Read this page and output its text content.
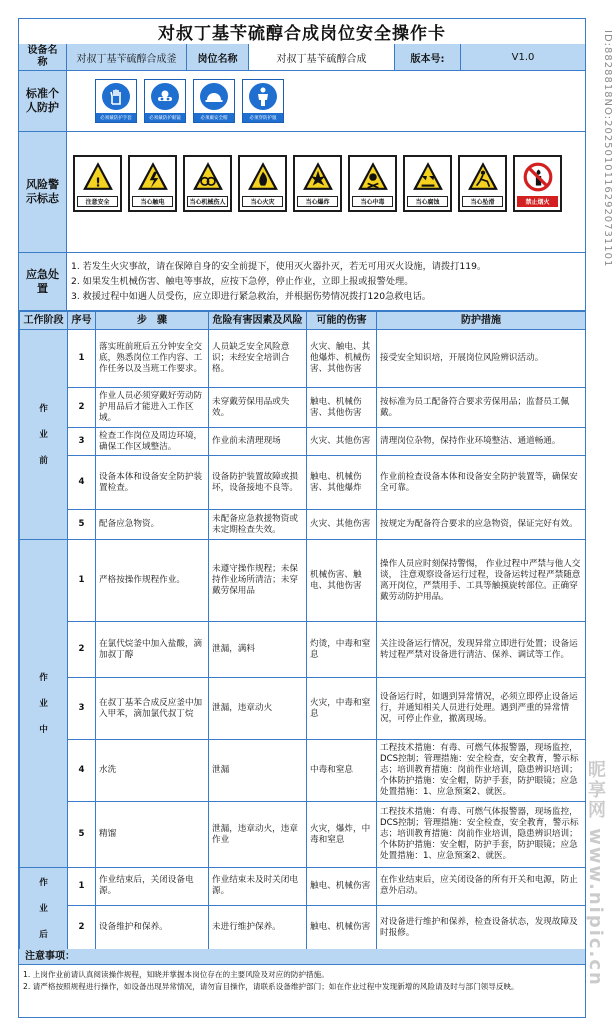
对叔丁基苄硫醇合成岗位安全操作卡
设备名称	对叔丁基苄硫醇合成釜	岗位名称	对叔丁基苄硫醇合成	版本号:	V1.0
标准个人防护
必须戴防护手套	必须戴防护眼镜	必须戴安全帽	必须穿防护服
风险警示标志
!
注意安全	当心触电	当心机械伤人	当心火灾	当心爆炸	当心中毒	当心腐蚀	当心坠滑	禁止烟火
应急处置
1. 若发生火灾事故，请在保障自身的安全前提下，使用灭火器扑灭，若无可用灭火设施，请拨打119。
2. 如果发生机械伤害、触电等事故，应按下急停，停止作业，立即上报或报警处理。
3. 救援过程中如遇人员受伤，应立即进行紧急救治，并根据伤势情况拨打120急救电话。
工作阶段	序号	步　骤	危险有害因素及风险	可能的伤害	防护措施

作
业
前	1	落实班前班后五分钟安全交底，熟悉岗位工作内容、工作任务以及当班工作要求。	人员缺乏安全风险意识；未经安全培训合格。	火灾、触电、其他爆炸、机械伤害、其他伤害	接受安全知识培，开展岗位风险辨识活动。
	2	作业人员必须穿戴好劳动防护用品后才能进入工作区域。	未穿戴劳保用品或失效。	触电、机械伤害、其他伤害	按标准为员工配备符合要求劳保用品；监督员工佩戴。
	3	检查工作岗位及周边环境，确保工作区域整洁。	作业前未清理现场	火灾、其他伤害	清理岗位杂物，保持作业环境整洁、通道畅通。
	4	设备本体和设备安全防护装置检查。	设备防护装置故障或损坏，设备接地不良等。	触电、机械伤害、其他爆炸	作业前检查设备本体和设备安全防护装置等，确保安全可靠。
	5	配备应急物资。	未配备应急救援物资或未定期检查失效。	火灾、其他伤害	按规定为配备符合要求的应急物资，保证完好有效。

作
业
中	1	严格按操作规程作业。	未遵守操作规程；未保持作业场所清洁；未穿戴劳保用品	机械伤害、触电、其他伤害	操作人员应时刻保持警惕， 作业过程中严禁与他人交谈， 注意观察设备运行过程，设备运转过程严禁随意离开岗位，严禁用手、工具等触摸旋转部位。正确穿戴劳动防护用品。
	2	在氯代烷釜中加入盐酸，滴加叔丁醇	泄漏，满料	灼烫，中毒和窒息	关注设备运行情况，发现异常立即进行处置；设备运转过程严禁对设备进行清洁、保养、调试等工作。
	3	在叔丁基苯合成反应釜中加入甲苯，滴加氯代叔丁烷	泄漏，违章动火	火灾，中毒和窒息	设备运行时，如遇到异常情况，必须立即停止设备运行，并通知相关人员进行处理。遇到严重的异常情况，可停止作业，撤离现场。
	4	水洗	泄漏	中毒和窒息	工程技术措施：有毒、可燃气体报警器，现场监控，DCS控制；管理措施：安全检查，安全教育，警示标志；培训教育措施：岗前作业培训，隐患辨识培训；个体防护措施：安全帽，防护手套，防护眼镜；应急处置措施：1、应急预案2、就医。
	5	精馏	泄漏，违章动火，违章作业	火灾，爆炸，中毒和窒息	工程技术措施：有毒、可燃气体报警器，现场监控，DCS控制；管理措施：安全检查，安全教育，警示标志；培训教育措施：岗前作业培训，隐患辨识培训；个体防护措施：安全帽，防护手套，防护眼镜；应急处置措施：1、应急预案2、就医。

作
业
后	1	作业结束后，关闭设备电源。	作业结束未及时关闭电源。	触电、机械伤害	在作业结束后，应关闭设备的所有开关和电源，防止意外启动。
	2	设备维护和保养。	未进行维护保养。	触电、机械伤害	对设备进行维护和保养，检查设备状态，发现故障及时报修。
注意事项：
1. 上岗作业前请认真阅读操作规程，知晓并掌握本岗位存在的主要风险及对应的防护措施。
2. 请严格按照规程进行操作，如设备出现异常情况，请勿盲目操作，请联系设备维护部门；如在作业过程中发现新增的风险请及时与部门领导反映。
ID:8828818NO:20250101162920731101
昵享网 www.nipic.cn
